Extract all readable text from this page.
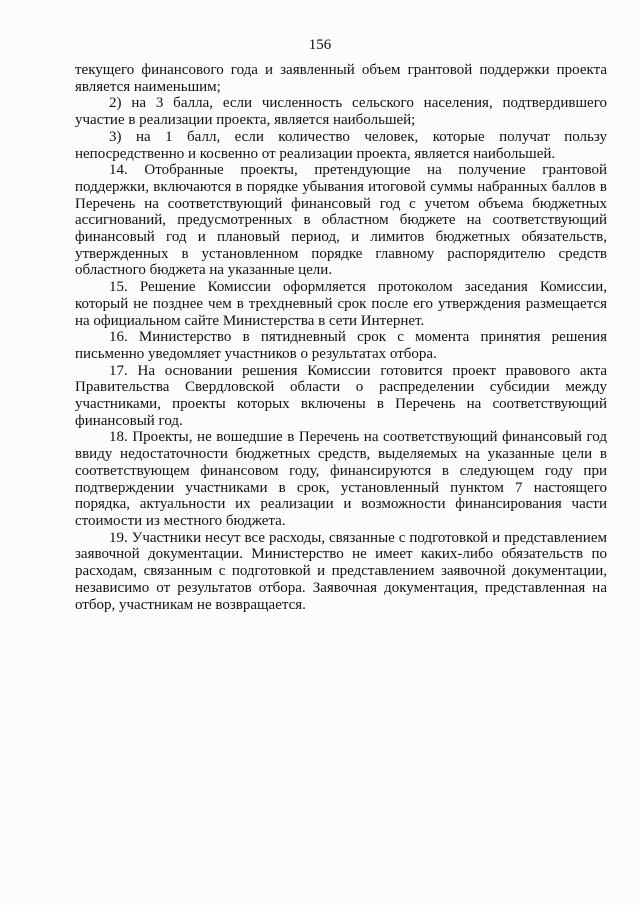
156

текущего финансового года и заявленный объем грантовой поддержки проекта является наименьшим;

2) на 3 балла, если численность сельского населения, подтвердившего участие в реализации проекта, является наибольшей;

3) на 1 балл, если количество человек, которые получат пользу непосредственно и косвенно от реализации проекта, является наибольшей.

14. Отобранные проекты, претендующие на получение грантовой поддержки, включаются в порядке убывания итоговой суммы набранных баллов в Перечень на соответствующий финансовый год с учетом объема бюджетных ассигнований, предусмотренных в областном бюджете на соответствующий финансовый год и плановый период, и лимитов бюджетных обязательств, утвержденных в установленном порядке главному распорядителю средств областного бюджета на указанные цели.

15. Решение Комиссии оформляется протоколом заседания Комиссии, который не позднее чем в трехдневный срок после его утверждения размещается на официальном сайте Министерства в сети Интернет.

16. Министерство в пятидневный срок с момента принятия решения письменно уведомляет участников о результатах отбора.

17. На основании решения Комиссии готовится проект правового акта Правительства Свердловской области о распределении субсидии между участниками, проекты которых включены в Перечень на соответствующий финансовый год.

18. Проекты, не вошедшие в Перечень на соответствующий финансовый год ввиду недостаточности бюджетных средств, выделяемых на указанные цели в соответствующем финансовом году, финансируются в следующем году при подтверждении участниками в срок, установленный пунктом 7 настоящего порядка, актуальности их реализации и возможности финансирования части стоимости из местного бюджета.

19. Участники несут все расходы, связанные с подготовкой и представлением заявочной документации. Министерство не имеет каких-либо обязательств по расходам, связанным с подготовкой и представлением заявочной документации, независимо от результатов отбора. Заявочная документация, представленная на отбор, участникам не возвращается.
